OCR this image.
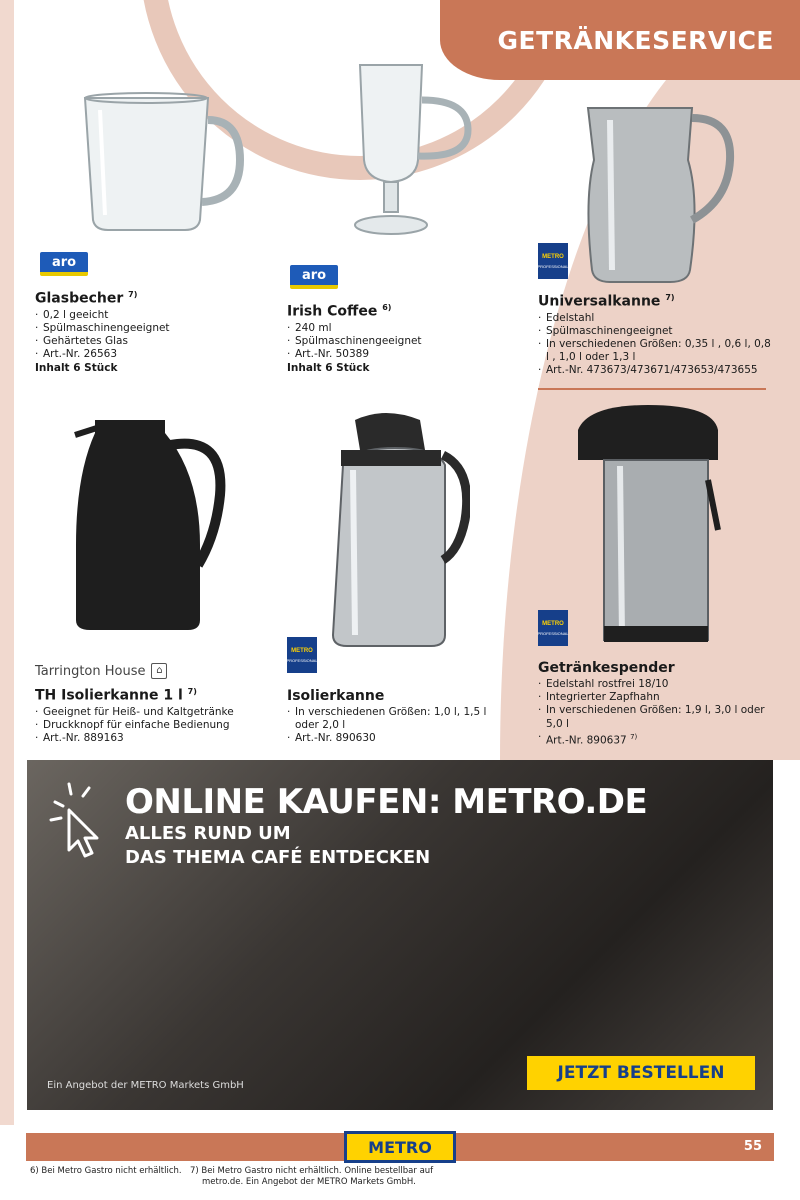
GETRÄNKESERVICE
aro
Glasbecher $^{7)}$
· 0,2 l geeicht
· Spülmaschinengeeignet
· Gehärtetes Glas
· Art.-Nr. 26563
Inhalt 6 Stück
aro
Irish Coffee $^{6)}$
· 240 ml
· Spülmaschinengeeignet
· Art.-Nr. 50389
Inhalt 6 Stück
METRO
PROFESSIONAL
Universalkanne $^{7)}$
· Edelstahl
· Spülmaschinengeeignet
· In verschiedenen Größen: 0,35 l , 0,6 l, 0,8 l , 1,0 l oder 1,3 l
· Art.-Nr. 473673/473671/473653/473655
Tarrington House	⌂
TH Isolierkanne 1 l $^{7)}$
· Geeignet für Heiß- und Kaltgetränke
· Druckknopf für einfache Bedienung
· Art.-Nr. 889163
METRO
PROFESSIONAL
Isolierkanne
· In verschiedenen Größen: 1,0 l, 1,5 l oder 2,0 l
· Art.-Nr. 890630
METRO
PROFESSIONAL
Getränkespender
· Edelstahl rostfrei 18/10
· Integrierter Zapfhahn
· In verschiedenen Größen: 1,9 l, 3,0 l oder 5,0 l
· Art.-Nr. 890637 $^{7)}$
ONLINE KAUFEN: METRO.DE
ALLES RUND UM
DAS THEMA CAFÉ ENTDECKEN
Ein Angebot der METRO Markets GmbH
JETZT BESTELLEN
METRO	55
6) Bei Metro Gastro nicht erhältlich. 7) Bei Metro Gastro nicht erhältlich. Online bestellbar auf
metro.de. Ein Angebot der METRO Markets GmbH.
